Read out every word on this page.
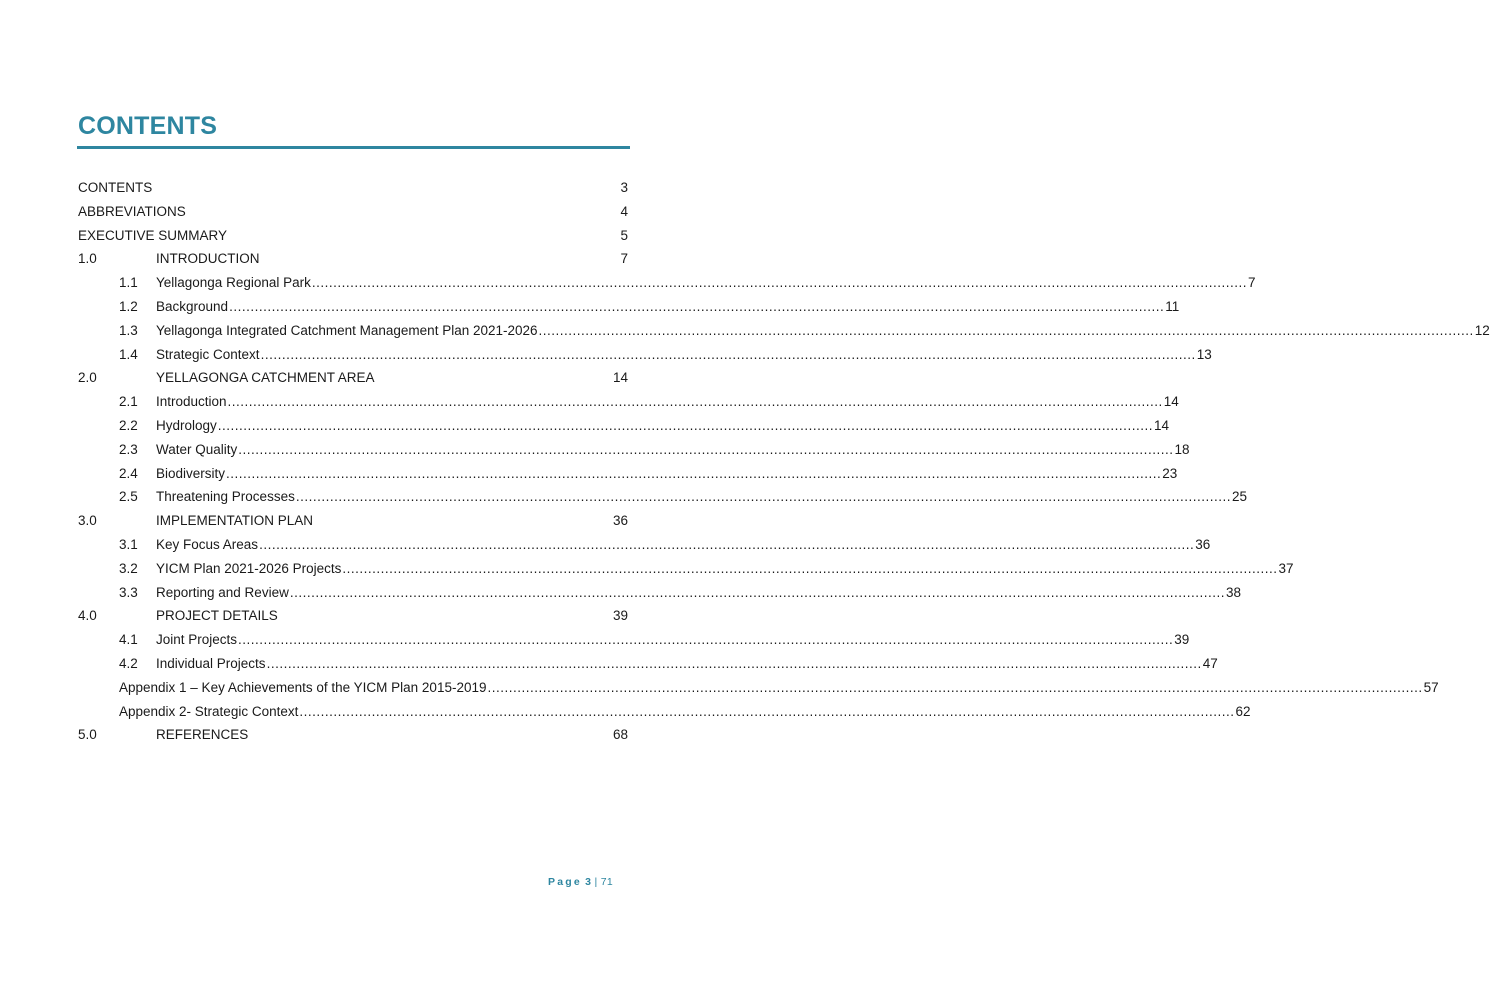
CONTENTS
CONTENTS	3
ABBREVIATIONS	4
EXECUTIVE SUMMARY	5
1.0	INTRODUCTION	7
1.1 Yellagonga Regional Park ............................................................................................................................................................................................................................ 7
1.2 Background ............................................................................................................................................................................................................................ 11
1.3 Yellagonga Integrated Catchment Management Plan 2021-2026 ............................................................................................................................................................................................................................ 12
1.4 Strategic Context ............................................................................................................................................................................................................................ 13
2.0	YELLAGONGA CATCHMENT AREA	14
2.1 Introduction ............................................................................................................................................................................................................................ 14
2.2 Hydrology ............................................................................................................................................................................................................................ 14
2.3 Water Quality ............................................................................................................................................................................................................................ 18
2.4 Biodiversity ............................................................................................................................................................................................................................ 23
2.5 Threatening Processes ............................................................................................................................................................................................................................ 25
3.0	IMPLEMENTATION PLAN	36
3.1 Key Focus Areas ............................................................................................................................................................................................................................ 36
3.2 YICM Plan 2021-2026 Projects ............................................................................................................................................................................................................................ 37
3.3 Reporting and Review ............................................................................................................................................................................................................................ 38
4.0	PROJECT DETAILS	39
4.1 Joint Projects ............................................................................................................................................................................................................................ 39
4.2 Individual Projects ............................................................................................................................................................................................................................ 47
Appendix 1 – Key Achievements of the YICM Plan 2015-2019 ............................................................................................................................................................................................................................ 57
Appendix 2- Strategic Context ............................................................................................................................................................................................................................ 62
5.0	REFERENCES	68
Page 3 | 71
